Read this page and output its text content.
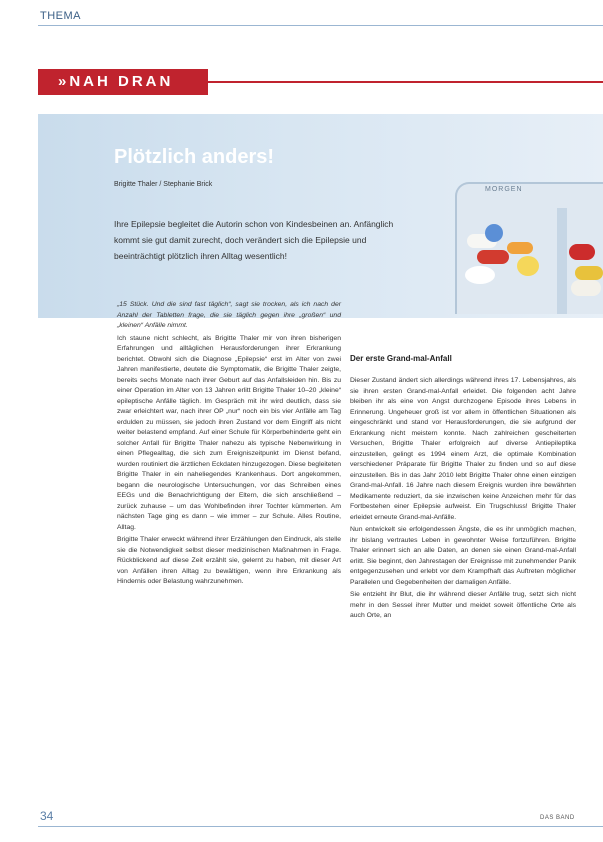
THEMA
»NAH DRAN
Plötzlich anders!
Brigitte Thaler / Stephanie Brick
Ihre Epilepsie begleitet die Autorin schon von Kindesbeinen an. Anfänglich kommt sie gut damit zurecht, doch verändert sich die Epilepsie und beeinträchtigt plötzlich ihren Alltag wesentlich!
MORGEN

„15 Stück. Und die sind fast täglich“, sagt sie trocken, als ich nach der Anzahl der Tabletten frage, die sie täglich gegen ihre „großen“ und „kleinen“ Anfälle nimmt.

Ich staune nicht schlecht, als Brigitte Thaler mir von ihren bisherigen Erfahrungen und alltäglichen Herausforderungen ihrer Erkrankung berichtet. Obwohl sich die Diagnose „Epilepsie“ erst im Alter von zwei Jahren manifestierte, deutete die Symptomatik, die Brigitte Thaler zeigte, bereits sechs Monate nach ihrer Geburt auf das Anfallsleiden hin. Bis zu einer Operation im Alter von 13 Jahren erlitt Brigitte Thaler 10–20 „kleine“ epileptische Anfälle täglich. Im Gespräch mit ihr wird deutlich, dass sie zwar erleichtert war, nach ihrer OP „nur“ noch ein bis vier Anfälle am Tag erdulden zu müssen, sie jedoch ihren Zustand vor dem Eingriff als nicht weiter belastend empfand. Auf einer Schule für Körperbehinderte geht ein solcher Anfall für Brigitte Thaler nahezu als typische Nebenwirkung in einen Pflegealltag, die sich zum Ereigniszeitpunkt im Dienst befand, wurden routiniert die ärztlichen Eckdaten hinzugezogen. Diese begleiteten Brigitte Thaler in ein naheliegendes Krankenhaus. Dort angekommen, begann die neurologische Untersuchungen, vor das Schreiben eines EEGs und die Benachrichtigung der Eltern, die sich anschließend – zurück zuhause – um das Wohlbefinden ihrer Tochter kümmerten. Am nächsten Tage ging es dann – wie immer – zur Schule. Alles Routine, Alltag.

Brigitte Thaler erweckt während ihrer Erzählungen den Eindruck, als stelle sie die Notwendigkeit selbst dieser medizinischen Maßnahmen in Frage. Rückblickend auf diese Zeit erzählt sie, gelernt zu haben, mit dieser Art von Anfällen ihren Alltag zu bewältigen, wenn ihre Erkrankung als Hindernis oder Belastung wahrzunehmen.

Der erste Grand-mal-Anfall

Dieser Zustand ändert sich allerdings während ihres 17. Lebensjahres, als sie ihren ersten Grand-mal-Anfall erleidet. Die folgenden acht Jahre bleiben ihr als eine von Angst durchzogene Episode ihres Lebens in Erinnerung. Ungeheuer groß ist vor allem in öffentlichen Situationen als eingeschränkt und stand vor Herausforderungen, die sie aufgrund der Erkrankung nicht meistern konnte. Nach zahlreichen gescheiterten Versuchen, Brigitte Thaler erfolgreich auf diverse Antiepileptika einzustellen, gelingt es 1994 einem Arzt, die optimale Kombination verschiedener Präparate für Brigitte Thaler zu finden und so auf diese einzustellen. Bis in das Jahr 2010 lebt Brigitte Thaler ohne einen einzigen Grand-mal-Anfall. 16 Jahre nach diesem Ereignis wurden ihre bewährten Medikamente reduziert, da sie inzwischen keine Anzeichen mehr für das Fortbestehen einer Epilepsie aufweist. Ein Trugschluss! Brigitte Thaler erleidet erneute Grand-mal-Anfälle.

Nun entwickelt sie erfolgendessen Ängste, die es ihr unmöglich machen, ihr bislang vertrautes Leben in gewohnter Weise fortzuführen. Brigitte Thaler erinnert sich an alle Daten, an denen sie einen Grand-mal-Anfall erlitt. Sie beginnt, den Jahrestagen der Ereignisse mit zunehmender Panik entgegenzusehen und erlebt vor dem Krampfhaft das Auftreten möglicher Parallelen und Gegebenheiten der damaligen Anfälle.

Sie entzieht ihr Blut, die ihr während dieser Anfälle trug, setzt sich nicht mehr in den Sessel ihrer Mutter und meidet soweit öffentliche Orte als auch Orte, an

34	DAS BAND
